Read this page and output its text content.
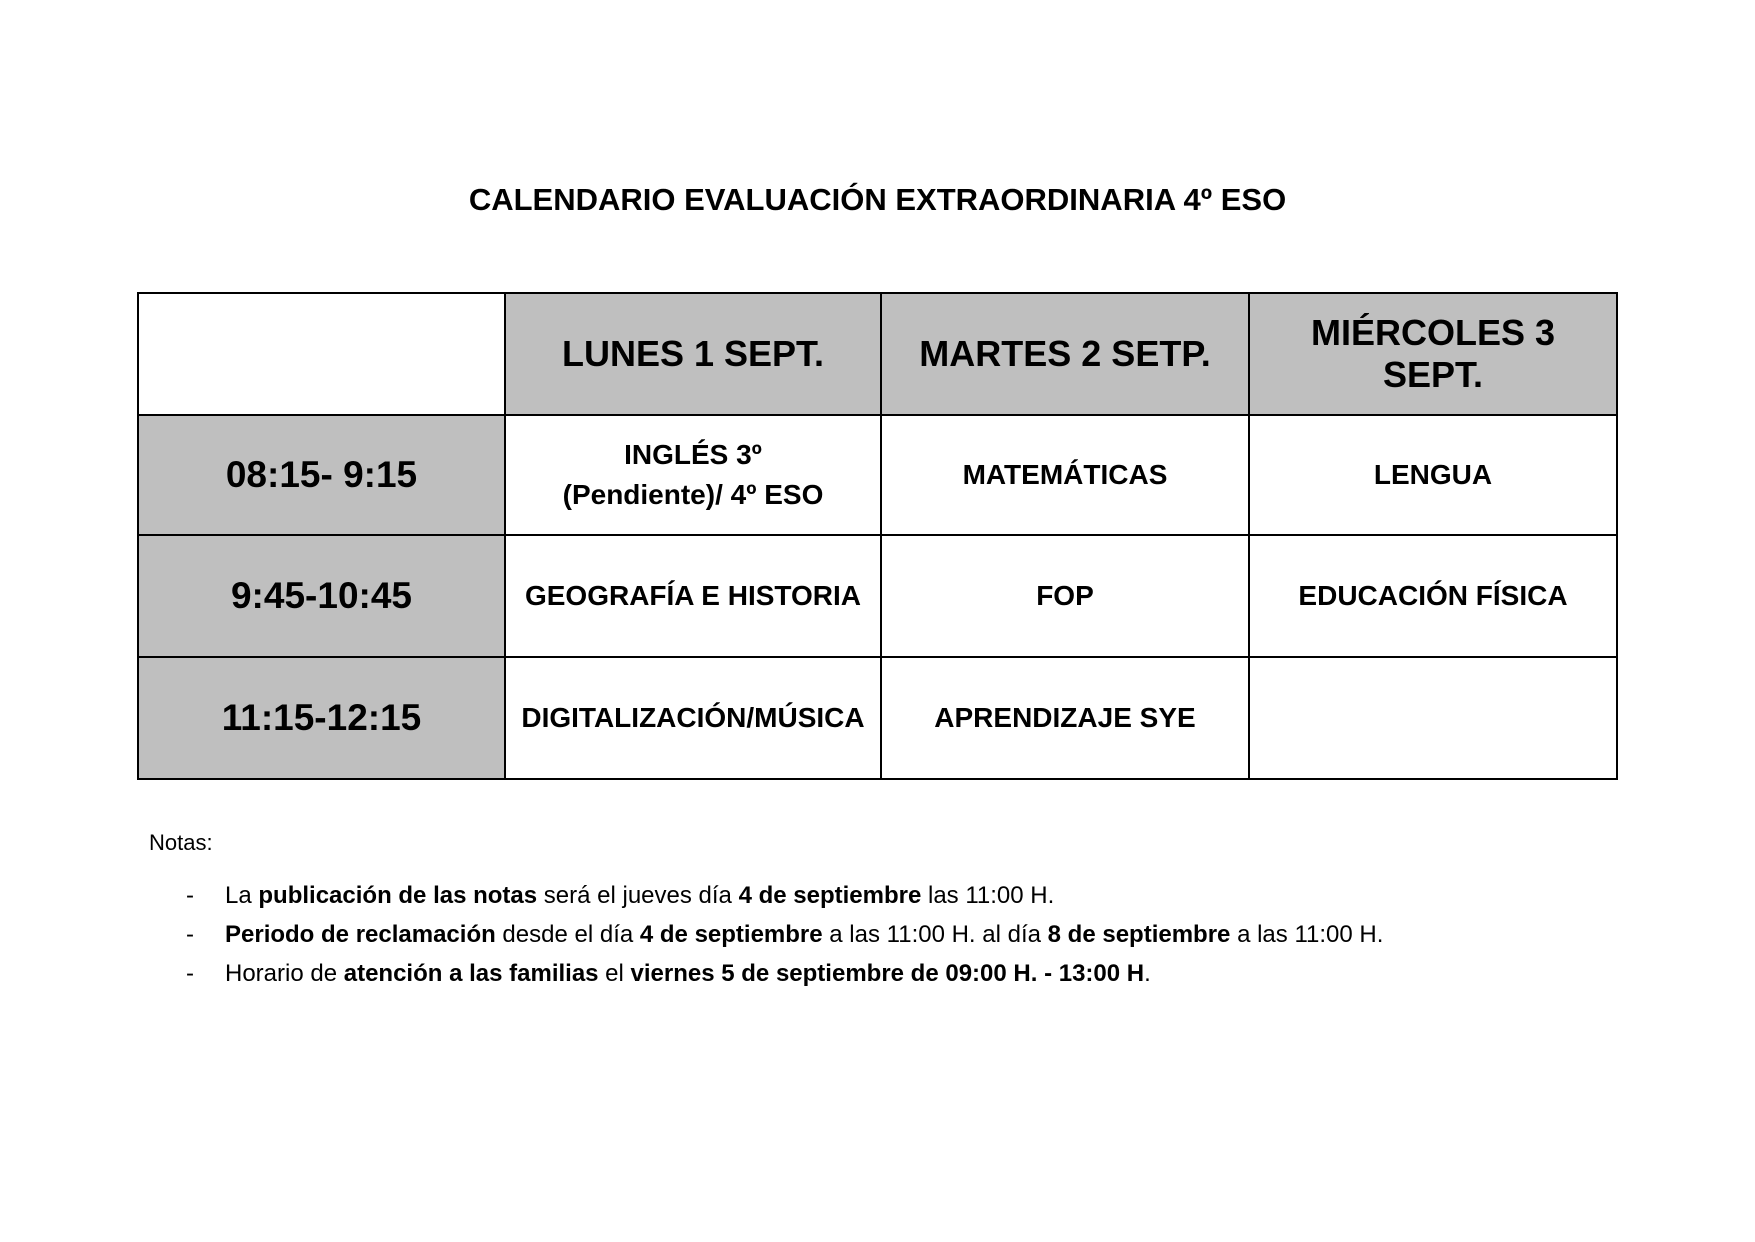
CALENDARIO EVALUACIÓN EXTRAORDINARIA 4º ESO
	LUNES 1 SEPT.	MARTES 2 SETP.	MIÉRCOLES 3 SEPT.
08:15- 9:15	INGLÉS 3º (Pendiente)/ 4º ESO	MATEMÁTICAS	LENGUA
9:45-10:45	GEOGRAFÍA E HISTORIA	FOP	EDUCACIÓN FÍSICA
11:15-12:15	DIGITALIZACIÓN/MÚSICA	APRENDIZAJE SYE	
Notas:
- La publicación de las notas será el jueves día 4 de septiembre las 11:00 H.
- Periodo de reclamación desde el día 4 de septiembre a las 11:00 H. al día 8 de septiembre a las 11:00 H.
- Horario de atención a las familias el viernes 5 de septiembre de 09:00 H. - 13:00 H.
